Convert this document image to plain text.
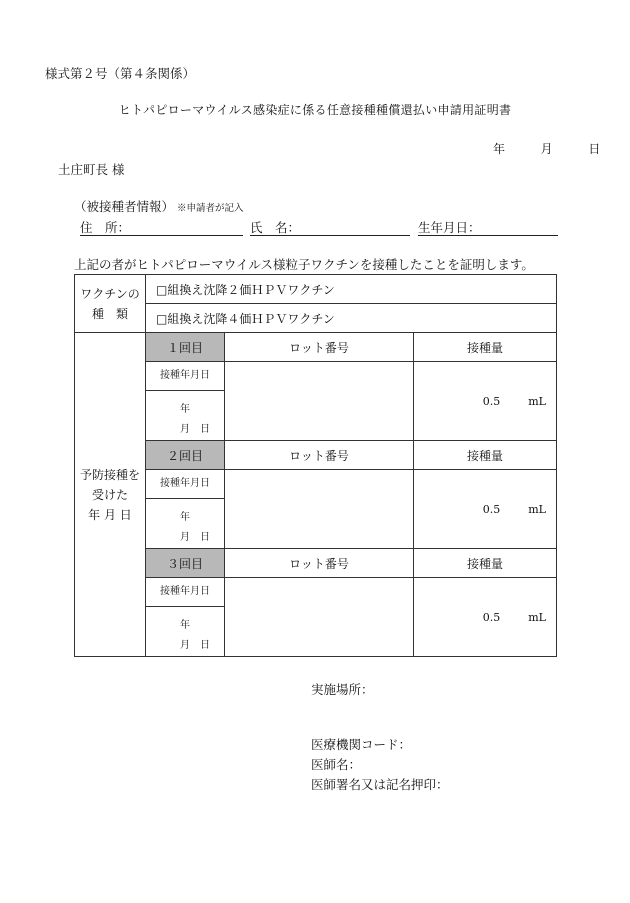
様式第２号（第４条関係）
ヒトパピローマウイルス感染症に係る任意接種種償還払い申請用証明書
年	月	日
土庄町長 様
（被接種者情報） ※申請者が記入
住　所：	氏　名：	生年月日：
上記の者がヒトパピローマウイルス様粒子ワクチンを接種したことを証明します。
ワクチンの
種　類	□組換え沈降２価ＨＰＶワクチン		
	□組換え沈降４価ＨＰＶワクチン		

予防接種を
受けた
年 月 日	１回目	ロット番号	接種量

	接種年月日
年
月　日		0.5 mL
	２回目	ロット番号	接種量

	接種年月日
年
月　日		0.5 mL
	３回目	ロット番号	接種量

	接種年月日
年
月　日		0.5 mL
実施場所：
医療機関コード：
医師名：
医師署名又は記名押印：
